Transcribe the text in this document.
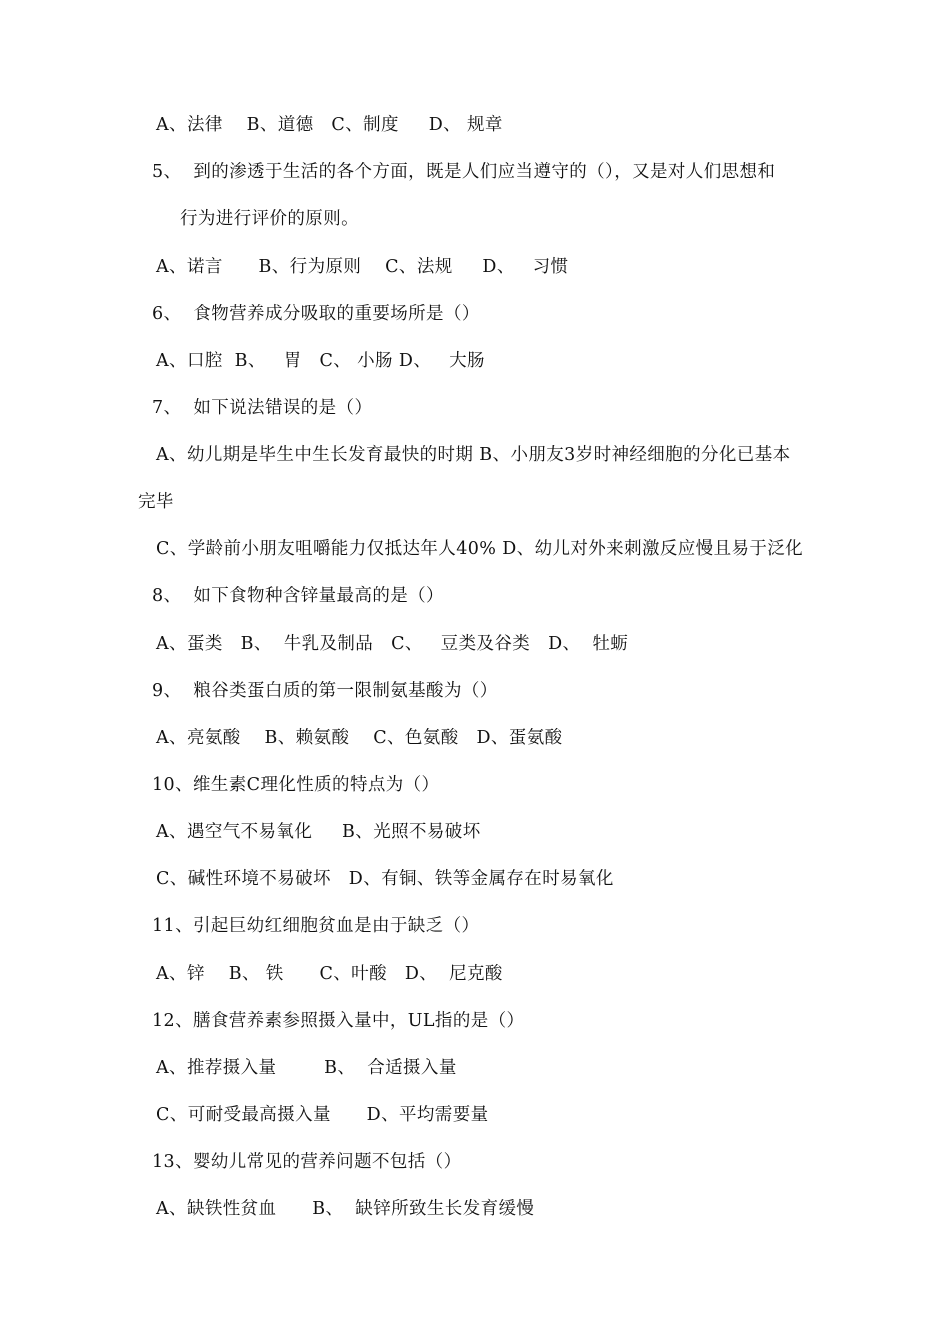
A、法律    B、道德   C、制度     D、 规章
5、  到的渗透于生活的各个方面，既是人们应当遵守的（），又是对人们思想和
行为进行评价的原则。
A、诺言      B、行为原则    C、法规     D、   习惯
6、  食物营养成分吸取的重要场所是（）
A、口腔  B、   胃   C、 小肠 D、   大肠
7、  如下说法错误的是（）
A、幼儿期是毕生中生长发育最快的时期 B、小朋友3岁时神经细胞的分化已基本
完毕
C、学龄前小朋友咀嚼能力仅抵达年人40% D、幼儿对外来刺激反应慢且易于泛化
8、  如下食物种含锌量最高的是（）
A、蛋类   B、  牛乳及制品   C、   豆类及谷类   D、  牡蛎
9、  粮谷类蛋白质的第一限制氨基酸为（）
A、亮氨酸    B、赖氨酸    C、色氨酸   D、蛋氨酸
10、维生素C理化性质的特点为（）
A、遇空气不易氧化     B、光照不易破坏
C、碱性环境不易破坏   D、有铜、铁等金属存在时易氧化
11、引起巨幼红细胞贫血是由于缺乏（）
A、锌    B、 铁      C、叶酸   D、  尼克酸
12、膳食营养素参照摄入量中，UL指的是（）
A、推荐摄入量        B、  合适摄入量
C、可耐受最高摄入量      D、平均需要量
13、婴幼儿常见的营养问题不包括（）
A、缺铁性贫血      B、  缺锌所致生长发育缓慢
